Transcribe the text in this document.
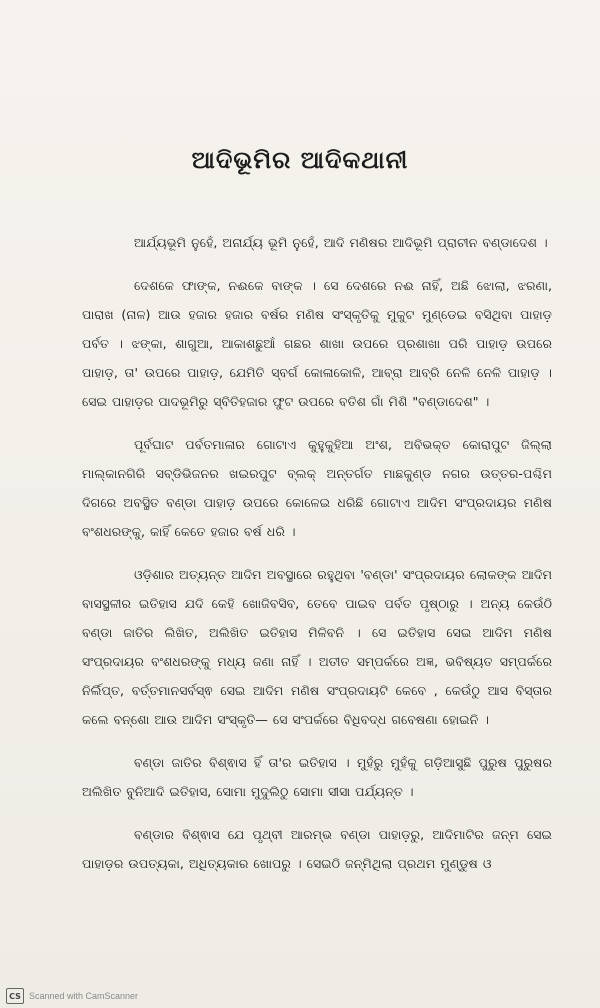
ଆଦିଭୂମିର ଆଦିକଥାନୀ

ଆର୍ଯ୍ୟଭୂମି ନୁହେଁ, ଅନାର୍ଯ୍ୟ ଭୂମି ନୁହେଁ, ଆଦି ମଣିଷର ଆଦିଭୂମି ପ୍ରାଚୀନ ବଣ୍ଡାଦେଶ ।

ଦେଶକେ ଫାଙ୍କ, ନଈକେ ବାଙ୍କ । ସେ ଦେଶରେ ନଈ ନାହିଁ, ଅଛି ଝୋଲା, ଝରଣା, ପାରାଖ (ନାଳ) ଆଉ ହଜାର ହଜାର ବର୍ଷର ମଣିଷ ସଂସ୍କୃତିକୁ ମୁକୁଟ ମୁଣ୍ଡେଇ ବସିଥିବା ପାହାଡ଼ ପର୍ବତ । ଝଙ୍କା, ଶାଗୁଆ, ଆକାଶଛୁଆଁ ଗଛର ଶାଖା ଉପରେ ପ୍ରଶାଖା ପରି ପାହାଡ଼ ଉପରେ ପାହାଡ଼, ତା' ଉପରେ ପାହାଡ଼, ଯେମିତି ସ୍ବର୍ଗ କୋଳାକୋଳି, ଆବ୍ରା ଆବ୍ରି ନେଳି ନେଳି ପାହାଡ଼ । ସେଇ ପାହାଡ଼ର ପାଦଭୂମିରୁ ସ୍ବିତିହଜାର ଫୁଟ ଉପରେ ବତିଶ ଗାଁ ମିଶି "ବଣ୍ଡାଦେଶ" ।

ପୂର୍ବଘାଟ ପର୍ବତମାଳାର ଗୋଟାଏ କୁହୁକୁହିଆ ଅଂଶ, ଅବିଭକ୍ତ କୋରାପୁଟ ଜିଲ୍ଲା ମାଲ୍‌କାନଗିରି ସବ୍‌ଡିଭିଜନର ଖଇରପୁଟ ବ୍ଲକ୍ ଅନ୍ତର୍ଗତ ମାଛକୁଣ୍ଡ ନଗର ଉତ୍ତର-ପଶ୍ଚିମ ଦିଗରେ ଅବସ୍ଥିତ ବଣ୍ଡା ପାହାଡ଼ ଉପରେ କୋଳେଇ ଧରିଛି ଗୋଟାଏ ଆଦିମ ସଂପ୍ରଦାୟର ମଣିଷ ବଂଶଧରଙ୍କୁ, କାହିଁ କେତେ ହଜାର ବର୍ଷ ଧରି ।

ଓଡ଼ିଶାର ଅତ୍ୟନ୍ତ ଆଦିମ ଅବସ୍ଥାରେ ରହୁଥିବା 'ବଣ୍ଡା' ସଂପ୍ରଦାୟର ଲୋକଙ୍କ ଆଦିମ ବାସସ୍ଥଳୀର ଇତିହାସ ଯଦି କେହି ଖୋଜିବସିବ, ତେବେ ପାଇବ ପର୍ବତ ପୃଷ୍ଠାରୁ । ଅନ୍ୟ କେଉଁଠି ବଣ୍ଡା ଜାତିର ଲିଖିତ, ଅଲିଖିତ ଇତିହାସ ମିଳିବନି । ସେ ଇତିହାସ ସେଇ ଆଦିମ ମଣିଷ ସଂପ୍ରଦାୟର ବଂଶଧରଙ୍କୁ ମଧ୍ୟ ଜଣା ନାହିଁ । ଅତୀତ ସମ୍ପର୍କରେ ଅଜ୍ଞ, ଭବିଷ୍ୟତ ସମ୍ପର୍କରେ ନିର୍ଲିପ୍ତ, ବର୍ତ୍ତମାନସର୍ବସ୍ଵ ସେଇ ଆଦିମ ମଣିଷ ସଂପ୍ରଦାୟଟି କେବେ , କେଉଁଠୁ ଆସ ବିସ୍ତାର କଲେ ବନ୍‌ଶୋ ଆଉ ଆଦିମ ସଂସ୍କୃତି— ସେ ସଂପର୍କରେ ବିଧିବଦ୍ଧ ଗବେଷଣା ହୋଇନି ।

ବଣ୍ଡା ଜାତିର ବିଶ୍ଵାସ ହିଁ ତା'ର ଇତିହାସ । ମୁହଁରୁ ମୁହଁକୁ ଗଡ଼ିଆସୁଛି ପୁରୁଷ ପୁରୁଷର ଅଲିଖିତ ବୁନିଆଦି ଇତିହାସ, ସୋମା ମୁଦୁଲିଠୁ ସୋମା ସୀସା ପର୍ଯ୍ୟନ୍ତ ।

ବଣ୍ଡାର ବିଶ୍ଵାସ ଯେ ପୃଥ୍ବୀ ଆରମ୍ଭ ବଣ୍ଡା ପାହାଡ଼ରୁ, ଆଦିମାଟିର ଜନ୍ମ ସେଇ ପାହାଡ଼ର ଉପତ୍ୟକା, ଅଧିତ୍ୟକାର ଖୋପରୁ । ସେଇଠି ଜନ୍ମିଥିଲା ପ୍ରଥମ ମୁଣ୍ଡୁଷ ଓ

CS Scanned with CamScanner
